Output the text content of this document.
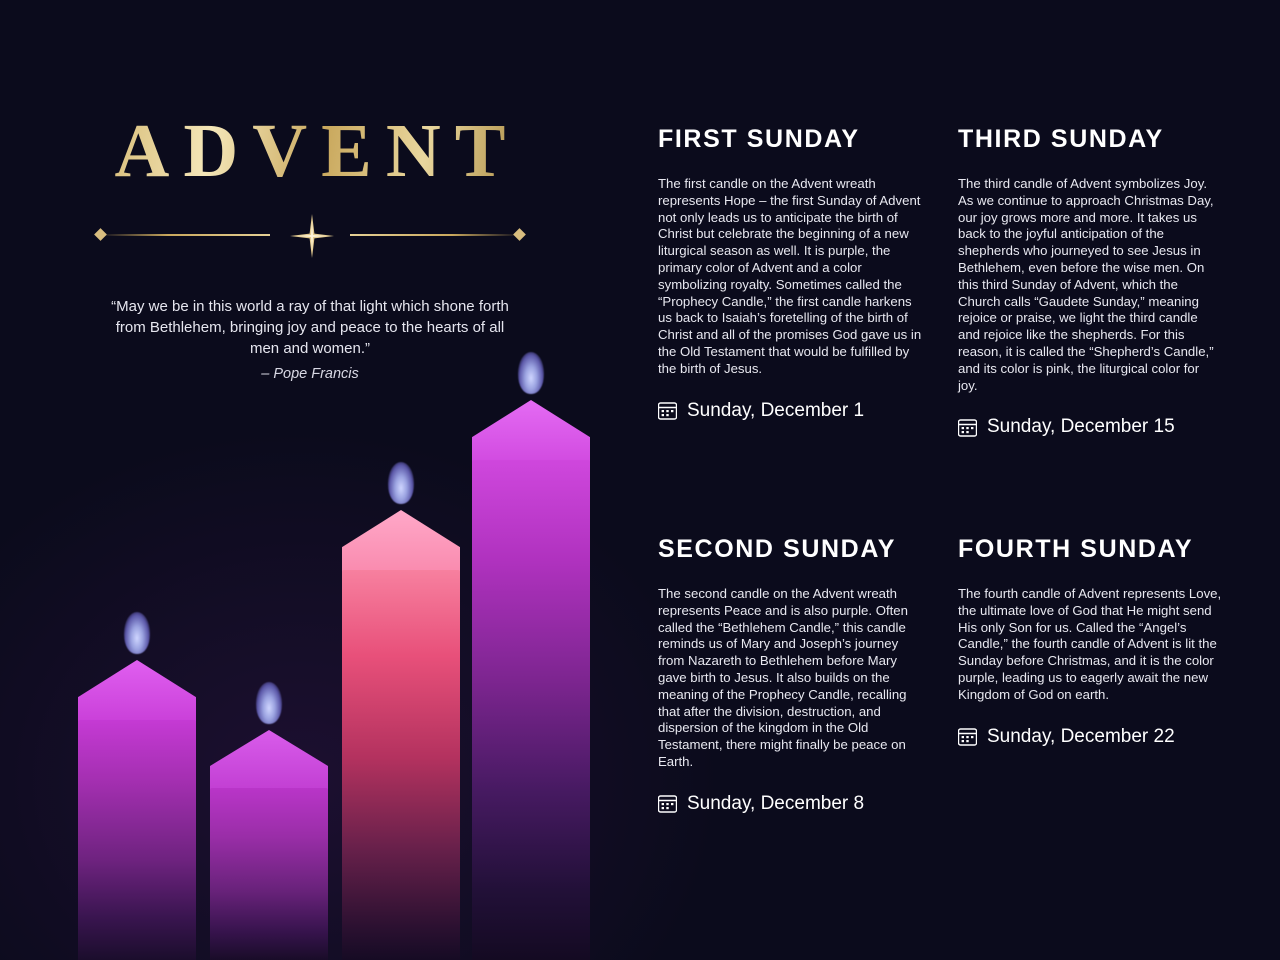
ADVENT
“May we be in this world a ray of that light which shone forth from Bethlehem, bringing joy and peace to the hearts of all men and women.”
– Pope Francis
FIRST SUNDAY
The first candle on the Advent wreath represents Hope – the first Sunday of Advent not only leads us to anticipate the birth of Christ but celebrate the beginning of a new liturgical season as well. It is purple, the primary color of Advent and a color symbolizing royalty. Sometimes called the “Prophecy Candle,” the first candle harkens us back to Isaiah’s foretelling of the birth of Christ and all of the promises God gave us in the Old Testament that would be fulfilled by the birth of Jesus.
Sunday, December 1
THIRD SUNDAY
The third candle of Advent symbolizes Joy. As we continue to approach Christmas Day, our joy grows more and more. It takes us back to the joyful anticipation of the shepherds who journeyed to see Jesus in Bethlehem, even before the wise men. On this third Sunday of Advent, which the Church calls “Gaudete Sunday,” meaning rejoice or praise, we light the third candle and rejoice like the shepherds. For this reason, it is called the “Shepherd’s Candle,” and its color is pink, the liturgical color for joy.
Sunday, December 15
SECOND SUNDAY
The second candle on the Advent wreath represents Peace and is also purple. Often called the “Bethlehem Candle,” this candle reminds us of Mary and Joseph’s journey from Nazareth to Bethlehem before Mary gave birth to Jesus. It also builds on the meaning of the Prophecy Candle, recalling that after the division, destruction, and dispersion of the kingdom in the Old Testament, there might finally be peace on Earth.
Sunday, December 8
FOURTH SUNDAY
The fourth candle of Advent represents Love, the ultimate love of God that He might send His only Son for us. Called the “Angel’s Candle,” the fourth candle of Advent is lit the Sunday before Christmas, and it is the color purple, leading us to eagerly await the new Kingdom of God on earth.
Sunday, December 22
